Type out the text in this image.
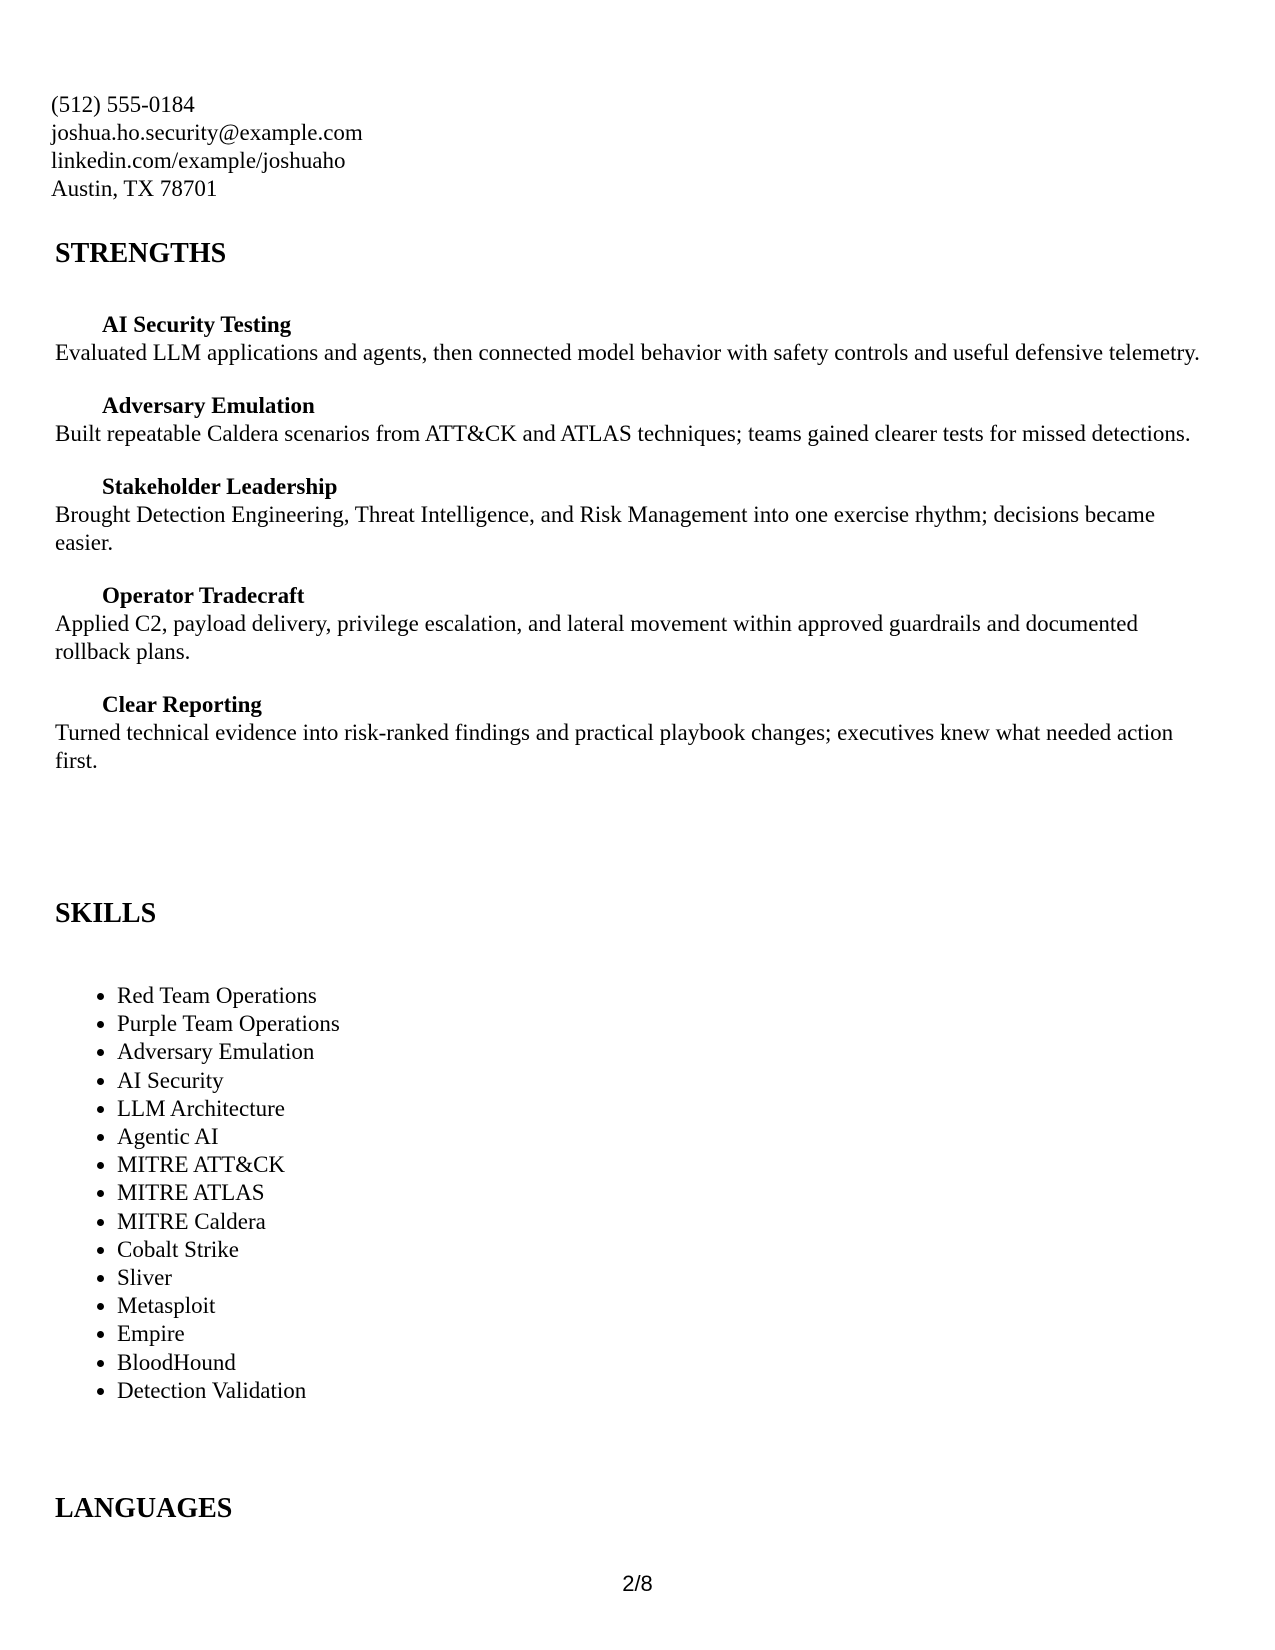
(512) 555-0184
joshua.ho.security@example.com
linkedin.com/example/joshuaho
Austin, TX 78701
STRENGTHS
AI Security Testing
Evaluated LLM applications and agents, then connected model behavior with safety controls and useful defensive telemetry.
Adversary Emulation
Built repeatable Caldera scenarios from ATT&CK and ATLAS techniques; teams gained clearer tests for missed detections.
Stakeholder Leadership
Brought Detection Engineering, Threat Intelligence, and Risk Management into one exercise rhythm; decisions became easier.
Operator Tradecraft
Applied C2, payload delivery, privilege escalation, and lateral movement within approved guardrails and documented rollback plans.
Clear Reporting
Turned technical evidence into risk-ranked findings and practical playbook changes; executives knew what needed action first.
SKILLS
• Red Team Operations
• Purple Team Operations
• Adversary Emulation
• AI Security
• LLM Architecture
• Agentic AI
• MITRE ATT&CK
• MITRE ATLAS
• MITRE Caldera
• Cobalt Strike
• Sliver
• Metasploit
• Empire
• BloodHound
• Detection Validation
LANGUAGES
2/8
